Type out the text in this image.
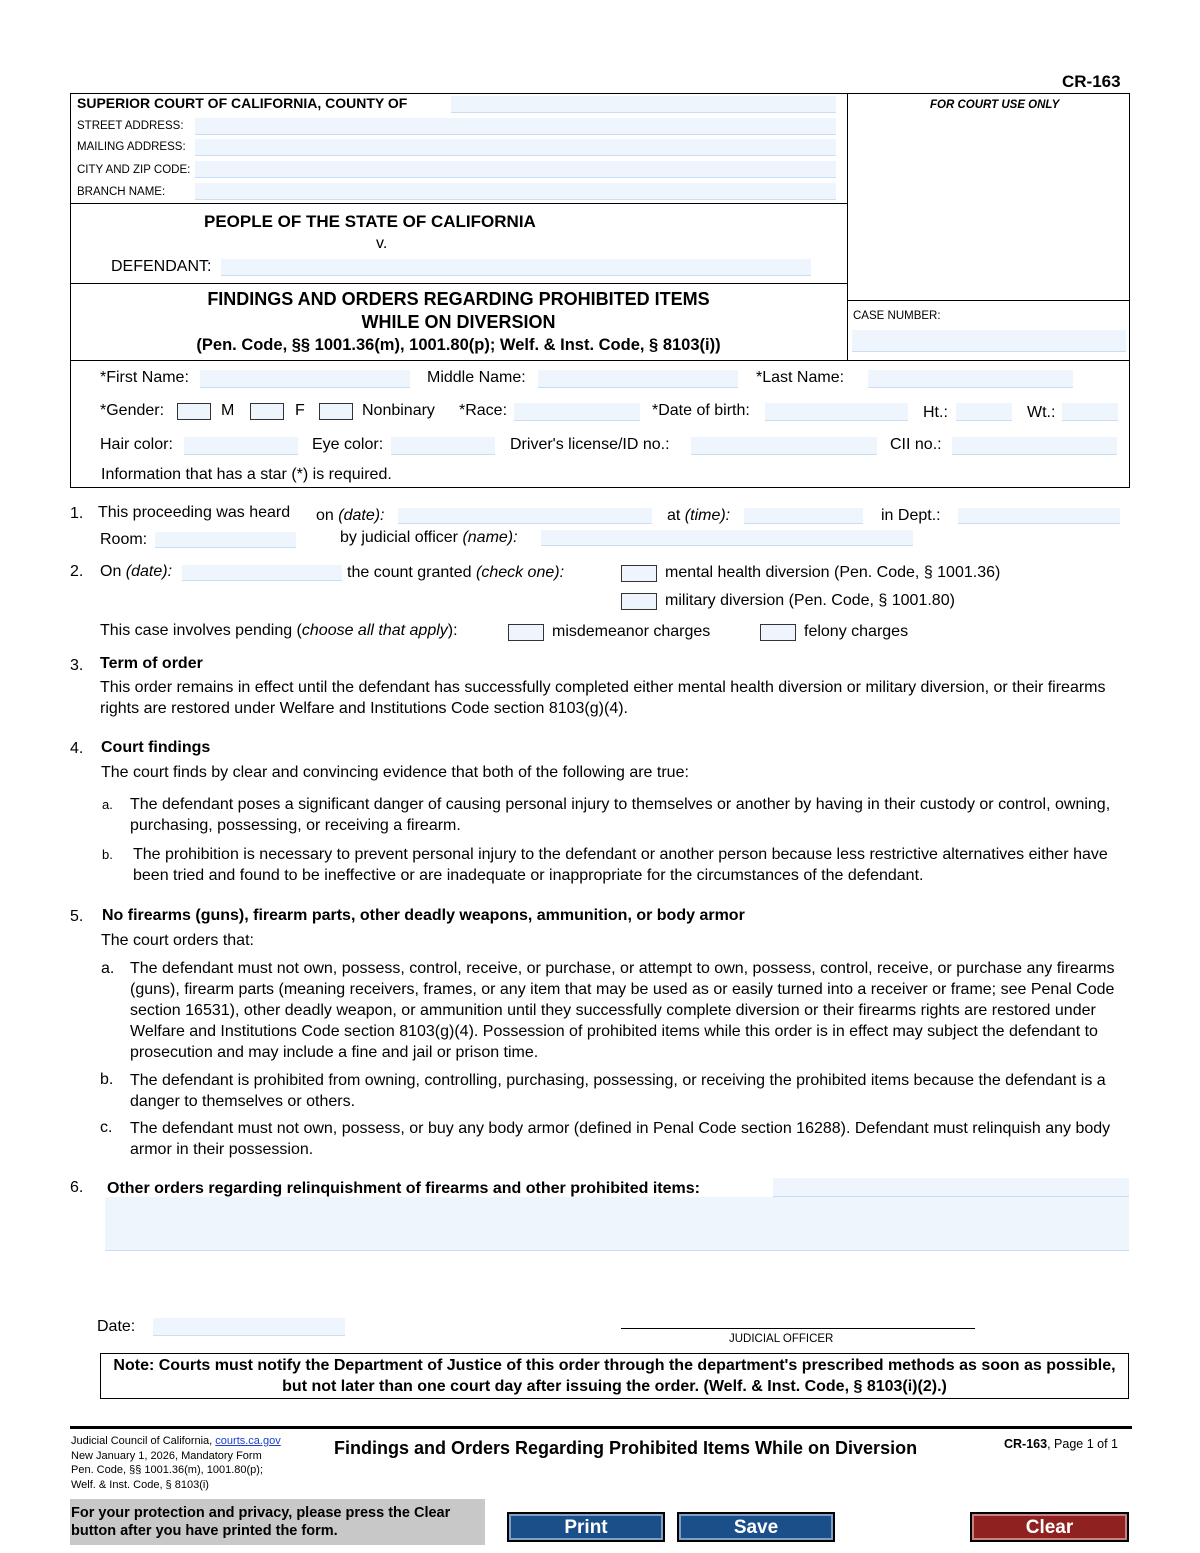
CR-163
SUPERIOR COURT OF CALIFORNIA, COUNTY OF
STREET ADDRESS:
MAILING ADDRESS:
CITY AND ZIP CODE:
BRANCH NAME:
FOR COURT USE ONLY
PEOPLE OF THE STATE OF CALIFORNIA
v.
DEFENDANT:
FINDINGS AND ORDERS REGARDING PROHIBITED ITEMS
WHILE ON DIVERSION
(Pen. Code, §§ 1001.36(m), 1001.80(p); Welf. & Inst. Code, § 8103(i))
CASE NUMBER:
*First Name:	Middle Name:	*Last Name:
*Gender:	M	F	Nonbinary *Race:	*Date of birth:	Ht.:	Wt.:
Hair color:	Eye color:	Driver's license/ID no.:	CII no.:
Information that has a star (*) is required.
1. This proceeding was heard on (date):	at (time):	in Dept.:
Room:	by judicial officer (name):
2. On (date):	the count granted (check one):	mental health diversion (Pen. Code, § 1001.36)
military diversion (Pen. Code, § 1001.80)
This case involves pending (choose all that apply):	misdemeanor charges	felony charges
3. Term of order
This order remains in effect until the defendant has successfully completed either mental health diversion or military diversion, or their firearms rights are restored under Welfare and Institutions Code section 8103(g)(4).
4. Court findings
The court finds by clear and convincing evidence that both of the following are true:
a. The defendant poses a significant danger of causing personal injury to themselves or another by having in their custody or control, owning, purchasing, possessing, or receiving a firearm.
b. The prohibition is necessary to prevent personal injury to the defendant or another person because less restrictive alternatives either have been tried and found to be ineffective or are inadequate or inappropriate for the circumstances of the defendant.
5. No firearms (guns), firearm parts, other deadly weapons, ammunition, or body armor
The court orders that:
a. The defendant must not own, possess, control, receive, or purchase, or attempt to own, possess, control, receive, or purchase any firearms (guns), firearm parts (meaning receivers, frames, or any item that may be used as or easily turned into a receiver or frame; see Penal Code section 16531), other deadly weapon, or ammunition until they successfully complete diversion or their firearms rights are restored under Welfare and Institutions Code section 8103(g)(4). Possession of prohibited items while this order is in effect may subject the defendant to prosecution and may include a fine and jail or prison time.
b. The defendant is prohibited from owning, controlling, purchasing, possessing, or receiving the prohibited items because the defendant is a danger to themselves or others.
c. The defendant must not own, possess, or buy any body armor (defined in Penal Code section 16288). Defendant must relinquish any body armor in their possession.
6. Other orders regarding relinquishment of firearms and other prohibited items:
Date:
JUDICIAL OFFICER
Note: Courts must notify the Department of Justice of this order through the department's prescribed methods as soon as possible, but not later than one court day after issuing the order. (Welf. & Inst. Code, § 8103(i)(2).)
Judicial Council of California, courts.ca.gov
New January 1, 2026, Mandatory Form
Pen. Code, §§ 1001.36(m), 1001.80(p);
Welf. & Inst. Code, § 8103(i)
Findings and Orders Regarding Prohibited Items While on Diversion	CR-163, Page 1 of 1
For your protection and privacy, please press the Clear button after you have printed the form.	Print	Save	Clear
